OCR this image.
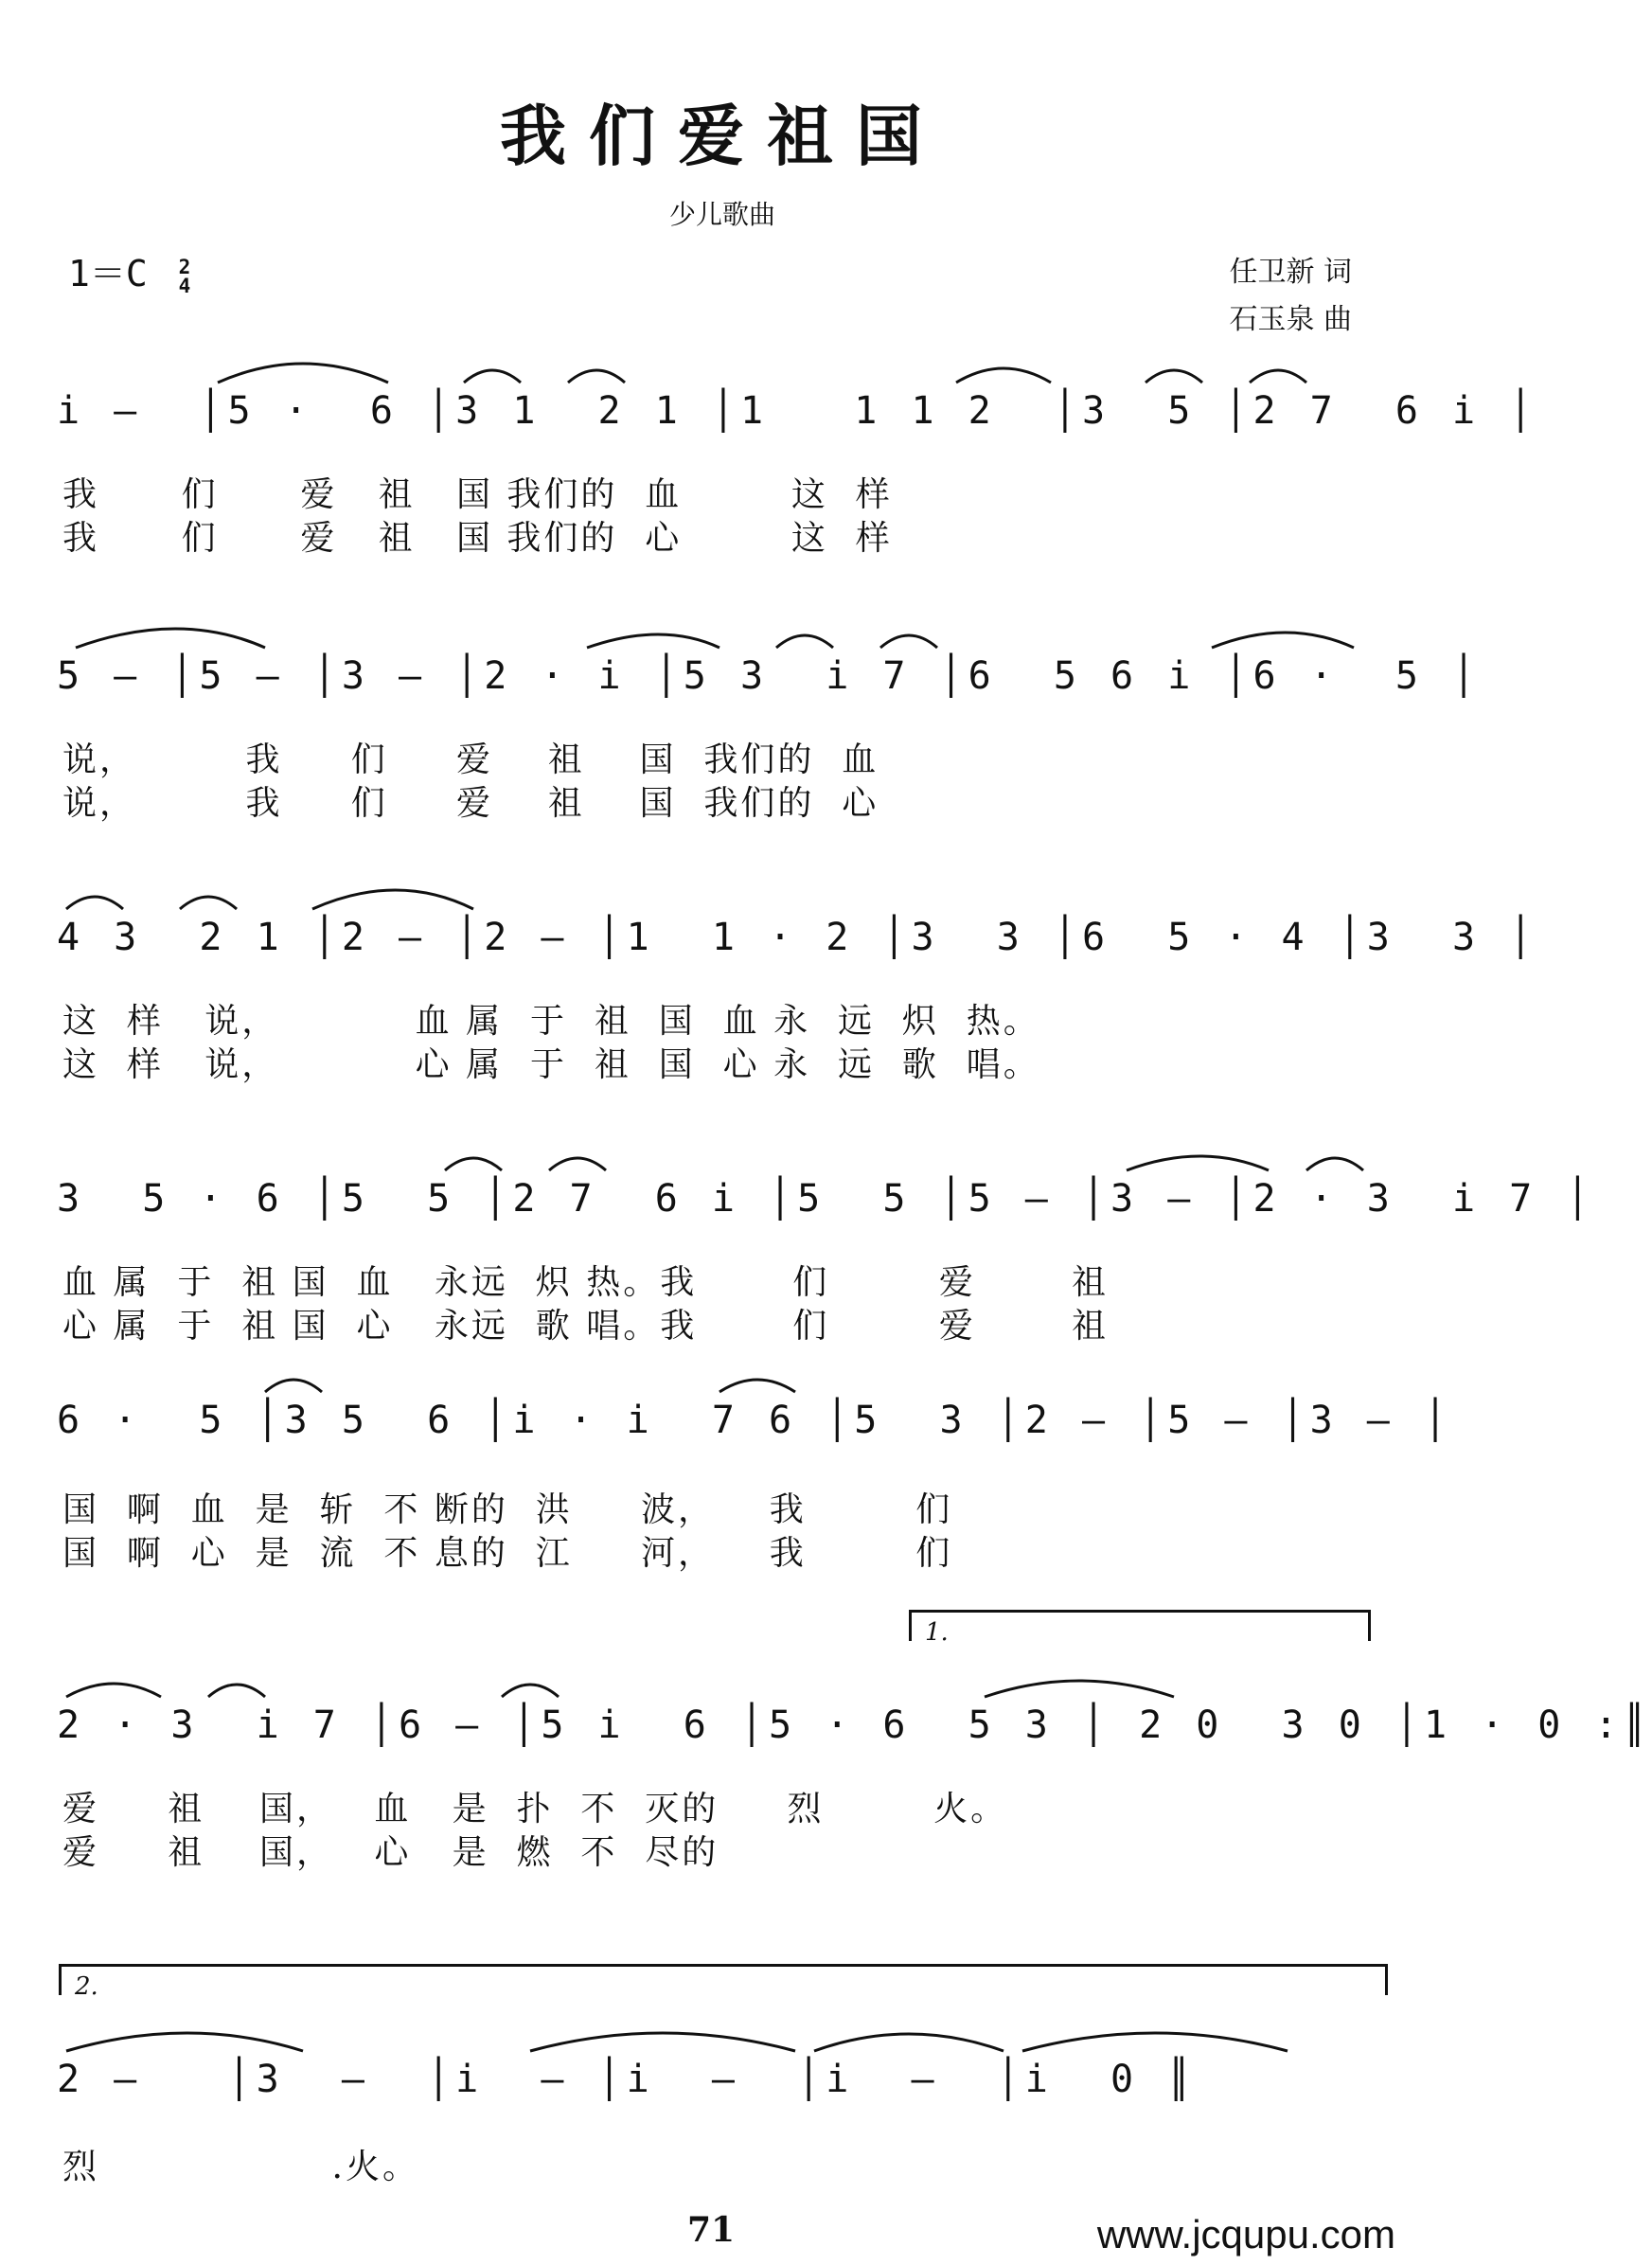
我们爱祖国
少儿歌曲
1＝C 2
4	任卫新 词
石玉泉 曲
i –  │5 ·  6 │3 1  2 1 │1   1 1 2  │3  5 │2 7  6 i │
我      们      爱   祖   国 我们的  血        这  样
我      们      爱   祖   国 我们的  心        这  样
5 – │5 – │3 – │2 · i │5 3  i 7 │6  5 6 i │6 ·  5 │
说，        我     们     爱    祖    国  我们的  血
说，        我     们     爱    祖    国  我们的  心
4 3  2 1 │2 – │2 – │1  1 · 2 │3  3 │6  5 · 4 │3  3 │
这  样   说，          血 属  于  祖  国  血 永  远  炽  热。
这  样   说，          心 属  于  祖  国  心 永  远  歌  唱。
3  5 · 6 │5  5 │2 7  6 i │5  5 │5 – │3 – │2 · 3  i 7 │
血 属  于  祖 国  血   永远  炽 热。我       们        爱       祖
心 属  于  祖 国  心   永远  歌 唱。我       们        爱       祖
6 ·  5 │3 5  6 │i · i  7 6 │5  3 │2 – │5 – │3 – │
国  啊  血  是  斩  不 断的  洪     波，    我        们
国  啊  心  是  流  不 息的  江     河，    我        们
1.
2 · 3  i 7 │6 – │5 i  6 │5 · 6  5 3 │ 2 0  3 0 │1 · 0 :║
爱     祖    国，   血   是  扑  不  灭的     烈        火。
爱     祖    国，   心   是  燃  不  尽的
2.
2 –   │3  –  │i  – │i  –  │i  –  │i  0 ║
烈                 .火。
71	www.jcqupu.com
